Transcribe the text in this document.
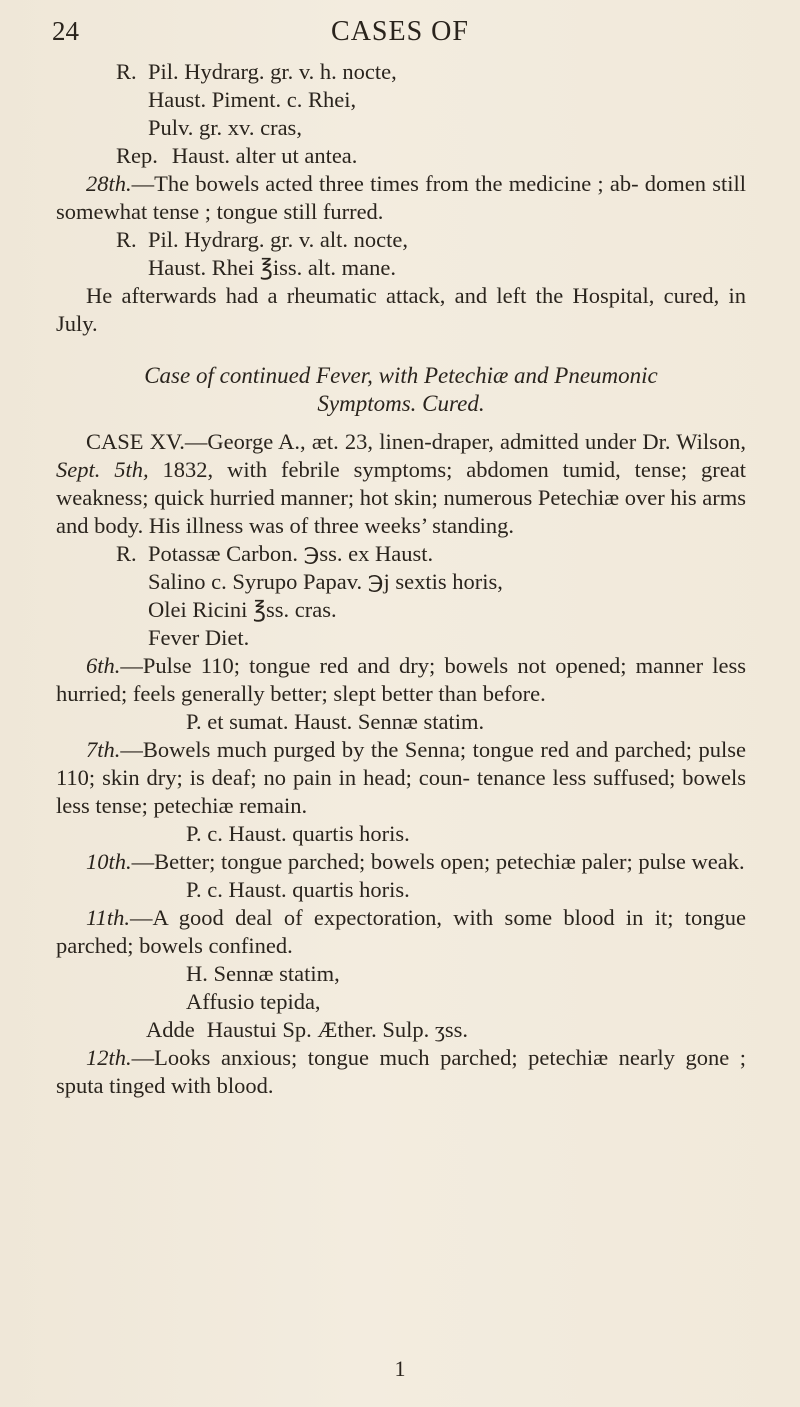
24	CASES OF
R. Pil. Hydrarg. gr. v. h. nocte,
Haust. Piment. c. Rhei,
Pulv. gr. xv. cras,
Rep. Haust. alter ut antea.

28th.—The bowels acted three times from the medicine ; ab- domen still somewhat tense ; tongue still furred.

R. Pil. Hydrarg. gr. v. alt. nocte,
Haust. Rhei ℥iss. alt. mane.

He afterwards had a rheumatic attack, and left the Hospital, cured, in July.

Case of continued Fever, with Petechiæ and Pneumonic
Symptoms. Cured.

CASE XV.—George A., æt. 23, linen-draper, admitted under Dr. Wilson, Sept. 5th, 1832, with febrile symptoms; abdomen tumid, tense; great weakness; quick hurried manner; hot skin; numerous Petechiæ over his arms and body. His illness was of three weeks’ standing.

R. Potassæ Carbon. ℈ss. ex Haust.
Salino c. Syrupo Papav. ℈j sextis horis,
Olei Ricini ℥ss. cras.
Fever Diet.

6th.—Pulse 110; tongue red and dry; bowels not opened; manner less hurried; feels generally better; slept better than before.

P. et sumat. Haust. Sennæ statim.

7th.—Bowels much purged by the Senna; tongue red and parched; pulse 110; skin dry; is deaf; no pain in head; coun- tenance less suffused; bowels less tense; petechiæ remain.

P. c. Haust. quartis horis.

10th.—Better; tongue parched; bowels open; petechiæ paler; pulse weak.

P. c. Haust. quartis horis.

11th.—A good deal of expectoration, with some blood in it; tongue parched; bowels confined.

H. Sennæ statim,
Affusio tepida,
Adde Haustui Sp. Æther. Sulp. ʒss.

12th.—Looks anxious; tongue much parched; petechiæ nearly gone ; sputa tinged with blood.

1
